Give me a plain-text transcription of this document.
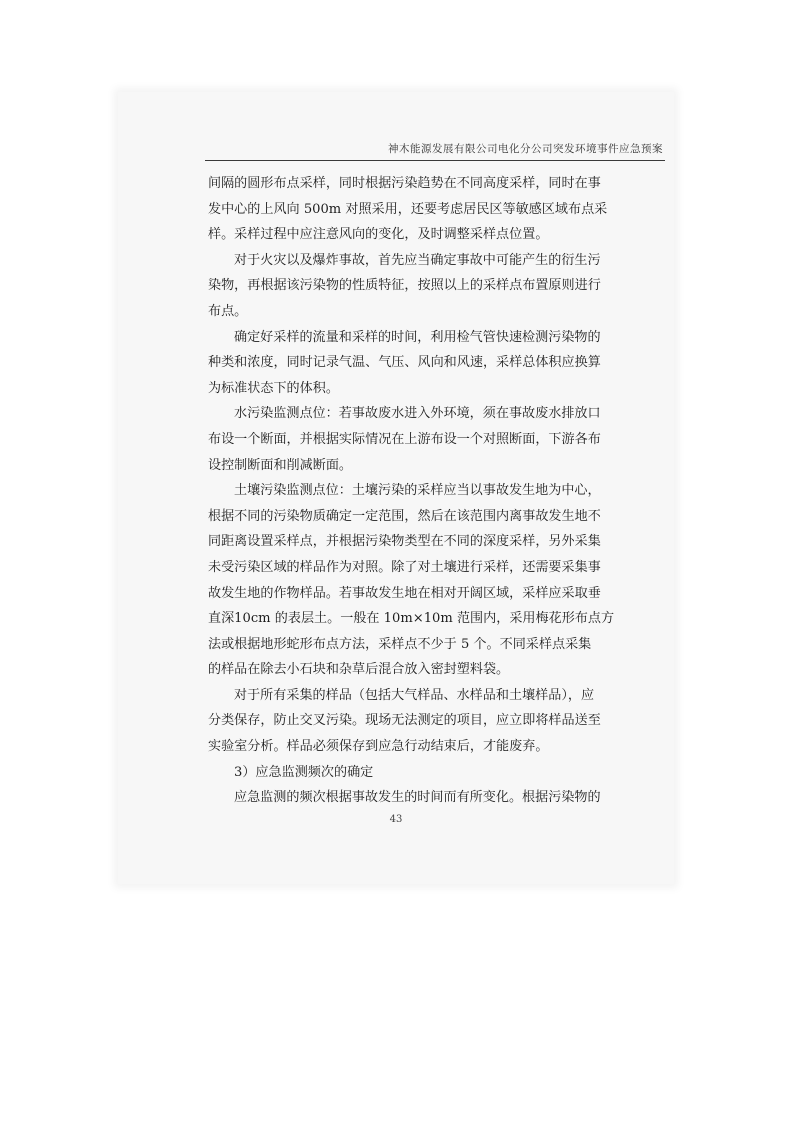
神木能源发展有限公司电化分公司突发环境事件应急预案
间隔的圆形布点采样，同时根据污染趋势在不同高度采样，同时在事
发中心的上风向 500m 对照采用，还要考虑居民区等敏感区域布点采
样。采样过程中应注意风向的变化，及时调整采样点位置。
对于火灾以及爆炸事故，首先应当确定事故中可能产生的衍生污
染物，再根据该污染物的性质特征，按照以上的采样点布置原则进行
布点。
确定好采样的流量和采样的时间，利用检气管快速检测污染物的
种类和浓度，同时记录气温、气压、风向和风速，采样总体积应换算
为标准状态下的体积。
水污染监测点位：若事故废水进入外环境，须在事故废水排放口
布设一个断面，并根据实际情况在上游布设一个对照断面，下游各布
设控制断面和削减断面。
土壤污染监测点位：土壤污染的采样应当以事故发生地为中心，
根据不同的污染物质确定一定范围，然后在该范围内离事故发生地不
同距离设置采样点，并根据污染物类型在不同的深度采样，另外采集
未受污染区域的样品作为对照。除了对土壤进行采样，还需要采集事
故发生地的作物样品。若事故发生地在相对开阔区域，采样应采取垂
直深10cm 的表层土。一般在 10m×10m 范围内，采用梅花形布点方
法或根据地形蛇形布点方法，采样点不少于 5 个。不同采样点采集
的样品在除去小石块和杂草后混合放入密封塑料袋。
对于所有采集的样品（包括大气样品、水样品和土壤样品），应
分类保存，防止交叉污染。现场无法测定的项目，应立即将样品送至
实验室分析。样品必须保存到应急行动结束后，才能废弃。
3）应急监测频次的确定
应急监测的频次根据事故发生的时间而有所变化。根据污染物的
43
